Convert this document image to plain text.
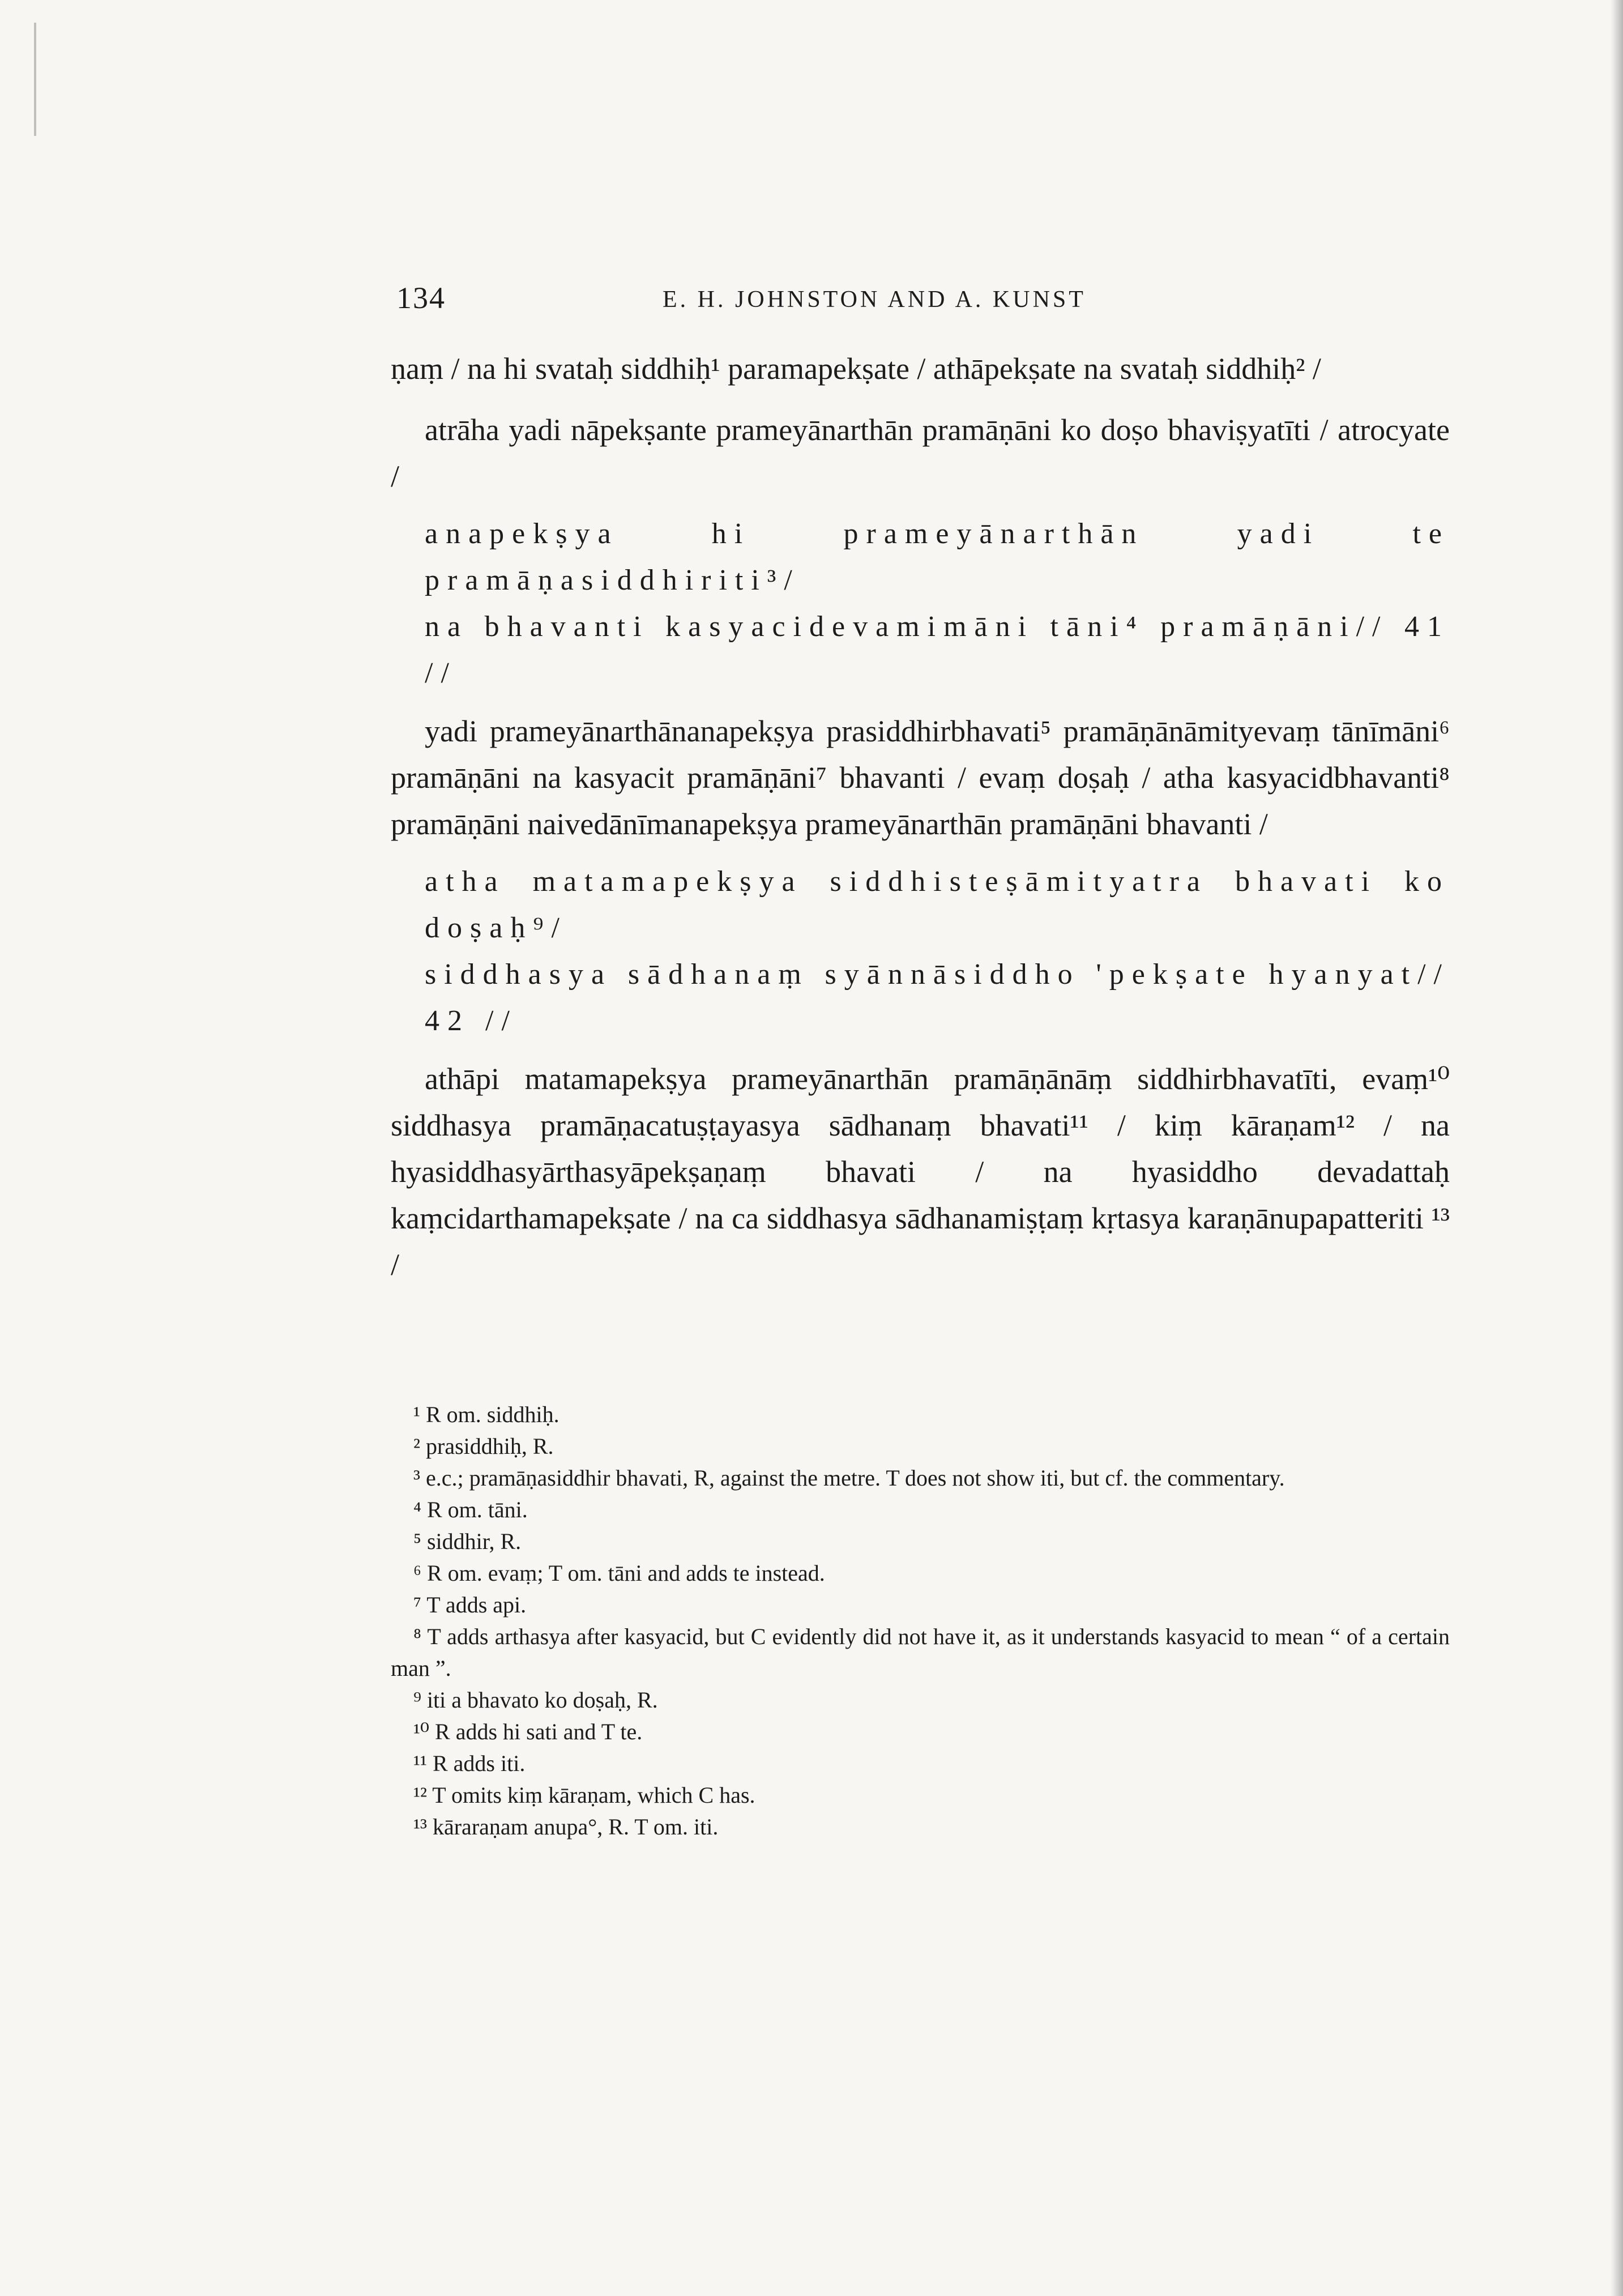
134	E. H. JOHNSTON AND A. KUNST

ṇaṃ / na hi svataḥ siddhiḥ¹ paramapekṣate / athāpekṣate na svataḥ siddhiḥ² /

atrāha yadi nāpekṣante prameyānarthān pramāṇāni ko doṣo bhaviṣyatīti / atrocyate /

anapekṣya hi prameyānarthān yadi te pramāṇasiddhiriti³/

na bhavanti kasyacidevamimāni tāni⁴ pramāṇāni// 41 //

yadi prameyānarthānanapekṣya prasiddhirbhavati⁵ pramāṇānāmityevaṃ tānīmāni⁶ pramāṇāni na kasyacit pramāṇāni⁷ bhavanti / evaṃ doṣaḥ / atha kasyacidbhavanti⁸ pramāṇāni naivedānīmanapekṣya prameyānarthān pramāṇāni bhavanti /

atha matamapekṣya siddhisteṣāmityatra bhavati ko doṣaḥ⁹/

siddhasya sādhanaṃ syānnāsiddho 'pekṣate hyanyat// 42 //

athāpi matamapekṣya prameyānarthān pramāṇānāṃ siddhirbhavatīti, evaṃ¹⁰ siddhasya pramāṇacatuṣṭayasya sādhanaṃ bhavati¹¹ / kiṃ kāraṇam¹² / na hyasiddhasyārthasyāpekṣaṇaṃ bhavati / na hyasiddho devadattaḥ kaṃcidarthamapekṣate / na ca siddhasya sādhanamiṣṭaṃ kṛtasya karaṇānupapatteriti ¹³ /

¹ R om. siddhiḥ.

² prasiddhiḥ, R.

³ e.c.; pramāṇasiddhir bhavati, R, against the metre. T does not show iti, but cf. the commentary.

⁴ R om. tāni.

⁵ siddhir, R.

⁶ R om. evaṃ; T om. tāni and adds te instead.

⁷ T adds api.

⁸ T adds arthasya after kasyacid, but C evidently did not have it, as it understands kasyacid to mean “ of a certain man ”.

⁹ iti a bhavato ko doṣaḥ, R.

¹⁰ R adds hi sati and T te.

¹¹ R adds iti.

¹² T omits kiṃ kāraṇam, which C has.

¹³ kāraraṇam anupa°, R. T om. iti.
